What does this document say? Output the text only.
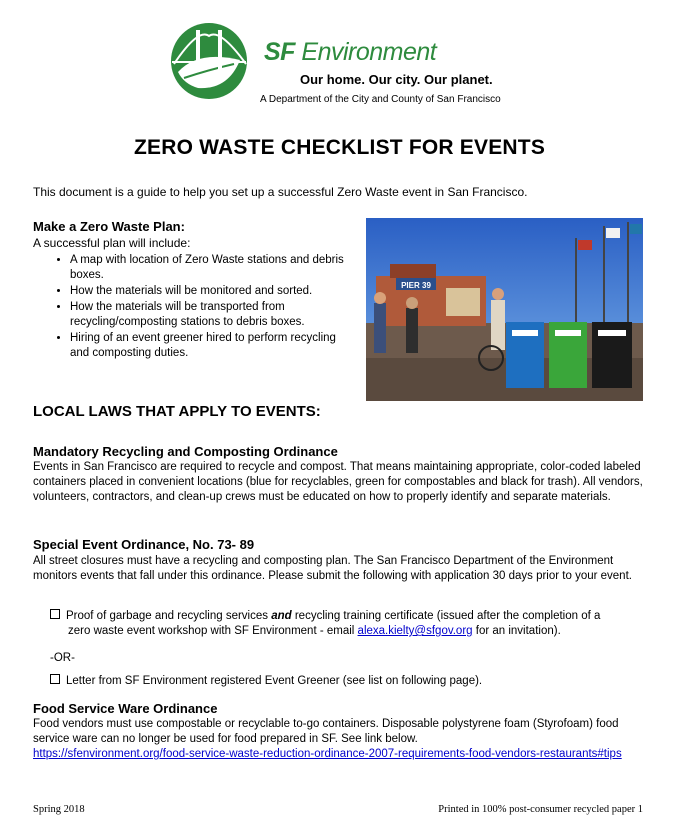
SF Environment
Our home. Our city. Our planet.
A Department of the City and County of San Francisco
ZERO WASTE CHECKLIST FOR EVENTS
This document is a guide to help you set up a successful Zero Waste event in San Francisco.
Make a Zero Waste Plan:
A successful plan will include:
• A map with location of Zero Waste stations and debris boxes.
• How the materials will be monitored and sorted.
• How the materials will be transported from recycling/composting stations to debris boxes.
• Hiring of an event greener hired to perform recycling and composting duties.
PIER 39
LOCAL LAWS THAT APPLY TO EVENTS:
Mandatory Recycling and Composting Ordinance

Events in San Francisco are required to recycle and compost. That means maintaining appropriate, color-coded labeled containers placed in convenient locations (blue for recyclables, green for compostables and black for trash). All vendors, volunteers, contractors, and clean-up crews must be educated on how to properly identify and separate materials.

Special Event Ordinance, No. 73- 89

All street closures must have a recycling and composting plan. The San Francisco Department of the Environment monitors events that fall under this ordinance. Please submit the following with application 30 days prior to your event.

Proof of garbage and recycling services and recycling training certificate (issued after the completion of a
zero waste event workshop with SF Environment - email alexa.kielty@sfgov.org for an invitation).
-OR-
Letter from SF Environment registered Event Greener (see list on following page).
Food Service Ware Ordinance

Food vendors must use compostable or recyclable to-go containers. Disposable polystyrene foam (Styrofoam) food service ware can no longer be used for food prepared in SF. See link below.
https://sfenvironment.org/food-service-waste-reduction-ordinance-2007-requirements-food-vendors-restaurants#tips

Spring 2018	Printed in 100% post-consumer recycled paper 1
